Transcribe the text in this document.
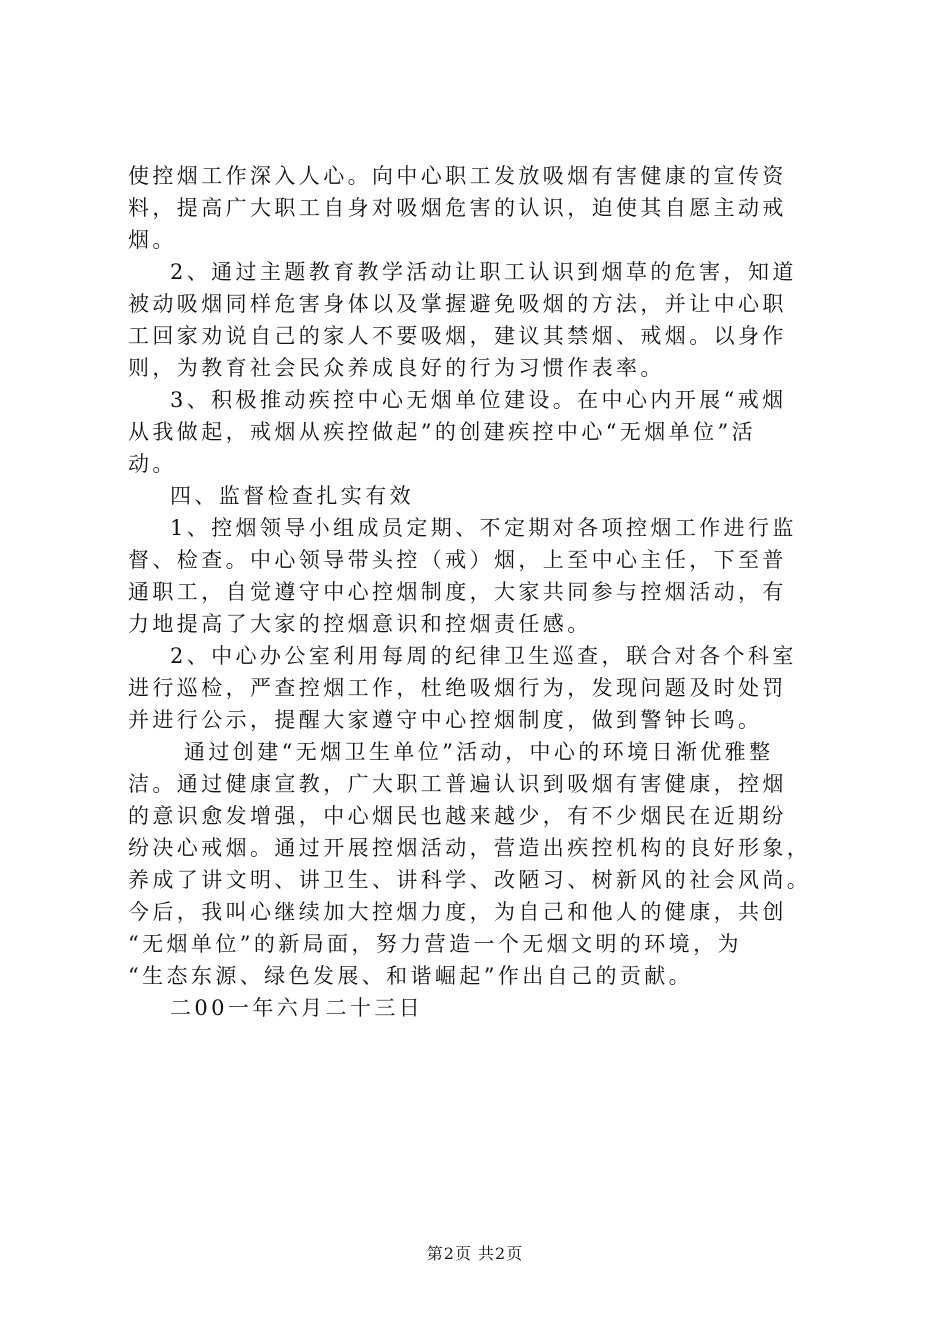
使控烟工作深入人心。向中心职工发放吸烟有害健康的宣传资
料，提高广大职工自身对吸烟危害的认识，迫使其自愿主动戒
烟。
2、通过主题教育教学活动让职工认识到烟草的危害，知道
被动吸烟同样危害身体以及掌握避免吸烟的方法，并让中心职
工回家劝说自己的家人不要吸烟，建议其禁烟、戒烟。以身作
则，为教育社会民众养成良好的行为习惯作表率。
3、积极推动疾控中心无烟单位建设。在中心内开展“戒烟
从我做起，戒烟从疾控做起”的创建疾控中心“无烟单位”活
动。
四、监督检查扎实有效
1、控烟领导小组成员定期、不定期对各项控烟工作进行监
督、检查。中心领导带头控（戒）烟，上至中心主任，下至普
通职工，自觉遵守中心控烟制度，大家共同参与控烟活动，有
力地提高了大家的控烟意识和控烟责任感。
2、中心办公室利用每周的纪律卫生巡查，联合对各个科室
进行巡检，严查控烟工作，杜绝吸烟行为，发现问题及时处罚
并进行公示，提醒大家遵守中心控烟制度，做到警钟长鸣。
通过创建“无烟卫生单位”活动，中心的环境日渐优雅整
洁。通过健康宣教，广大职工普遍认识到吸烟有害健康，控烟
的意识愈发增强，中心烟民也越来越少，有不少烟民在近期纷
纷决心戒烟。通过开展控烟活动，营造出疾控机构的良好形象，
养成了讲文明、讲卫生、讲科学、改陋习、树新风的社会风尚。
今后，我叫心继续加大控烟力度，为自己和他人的健康，共创
“无烟单位”的新局面，努力营造一个无烟文明的环境，为
“生态东源、绿色发展、和谐崛起”作出自己的贡献。
二00一年六月二十三日
第2页 共2页
